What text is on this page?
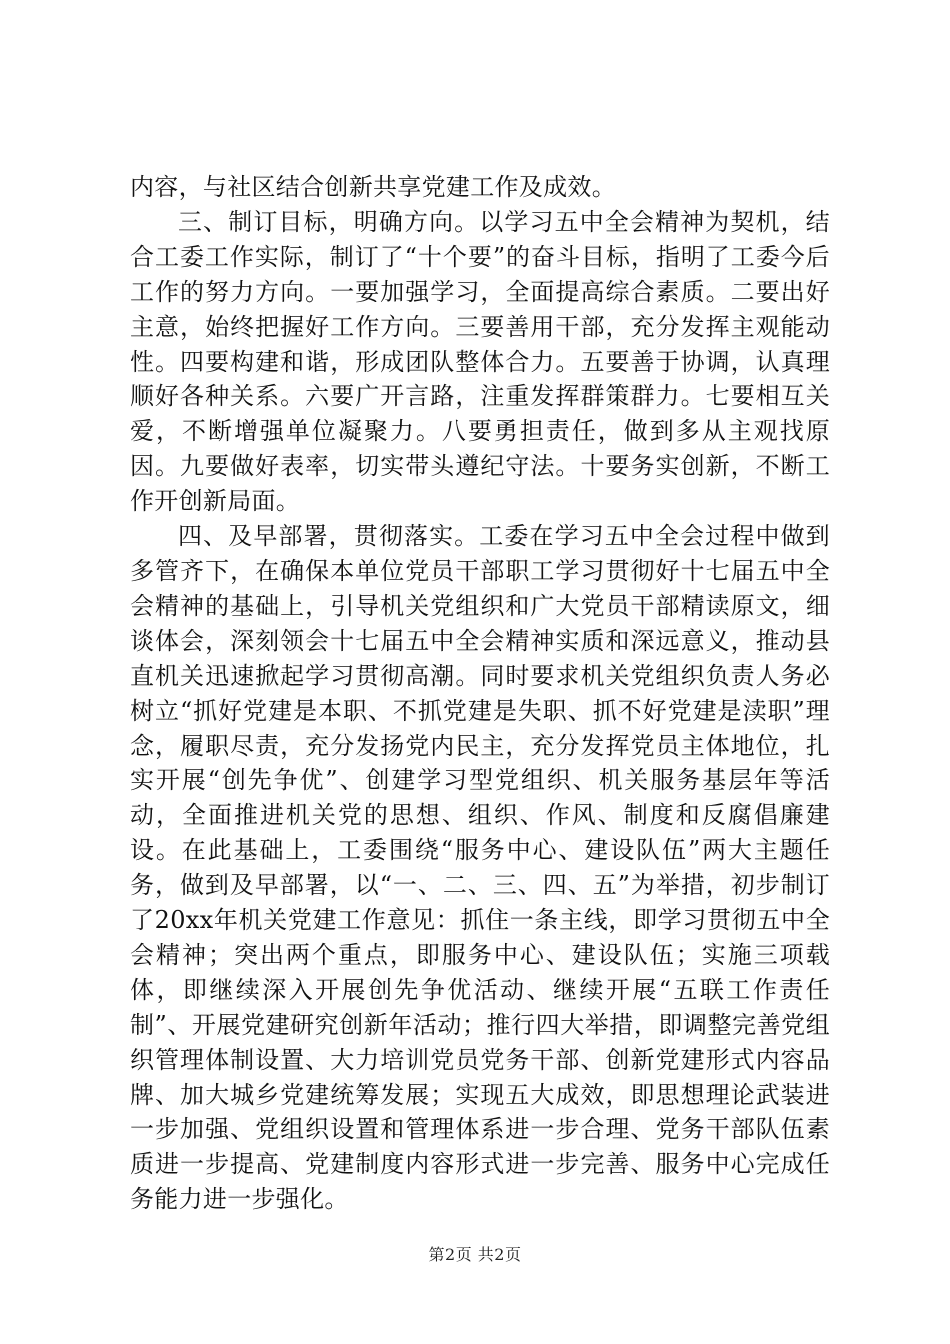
内容，与社区结合创新共享党建工作及成效。

三、制订目标，明确方向。以学习五中全会精神为契机，结合工委工作实际，制订了“十个要”的奋斗目标，指明了工委今后工作的努力方向。一要加强学习，全面提高综合素质。二要出好主意，始终把握好工作方向。三要善用干部，充分发挥主观能动性。四要构建和谐，形成团队整体合力。五要善于协调，认真理顺好各种关系。六要广开言路，注重发挥群策群力。七要相互关爱，不断增强单位凝聚力。八要勇担责任，做到多从主观找原因。九要做好表率，切实带头遵纪守法。十要务实创新，不断工作开创新局面。

四、及早部署，贯彻落实。工委在学习五中全会过程中做到多管齐下，在确保本单位党员干部职工学习贯彻好十七届五中全会精神的基础上，引导机关党组织和广大党员干部精读原文，细谈体会，深刻领会十七届五中全会精神实质和深远意义，推动县直机关迅速掀起学习贯彻高潮。同时要求机关党组织负责人务必树立“抓好党建是本职、不抓党建是失职、抓不好党建是渎职”理念，履职尽责，充分发扬党内民主，充分发挥党员主体地位，扎实开展“创先争优”、创建学习型党组织、机关服务基层年等活动，全面推进机关党的思想、组织、作风、制度和反腐倡廉建设。在此基础上，工委围绕“服务中心、建设队伍”两大主题任务，做到及早部署，以“一、二、三、四、五”为举措，初步制订了20xx年机关党建工作意见：抓住一条主线，即学习贯彻五中全会精神；突出两个重点，即服务中心、建设队伍；实施三项载体，即继续深入开展创先争优活动、继续开展“五联工作责任制”、开展党建研究创新年活动；推行四大举措，即调整完善党组织管理体制设置、大力培训党员党务干部、创新党建形式内容品牌、加大城乡党建统筹发展；实现五大成效，即思想理论武装进一步加强、党组织设置和管理体系进一步合理、党务干部队伍素质进一步提高、党建制度内容形式进一步完善、服务中心完成任务能力进一步强化。

第2页 共2页
